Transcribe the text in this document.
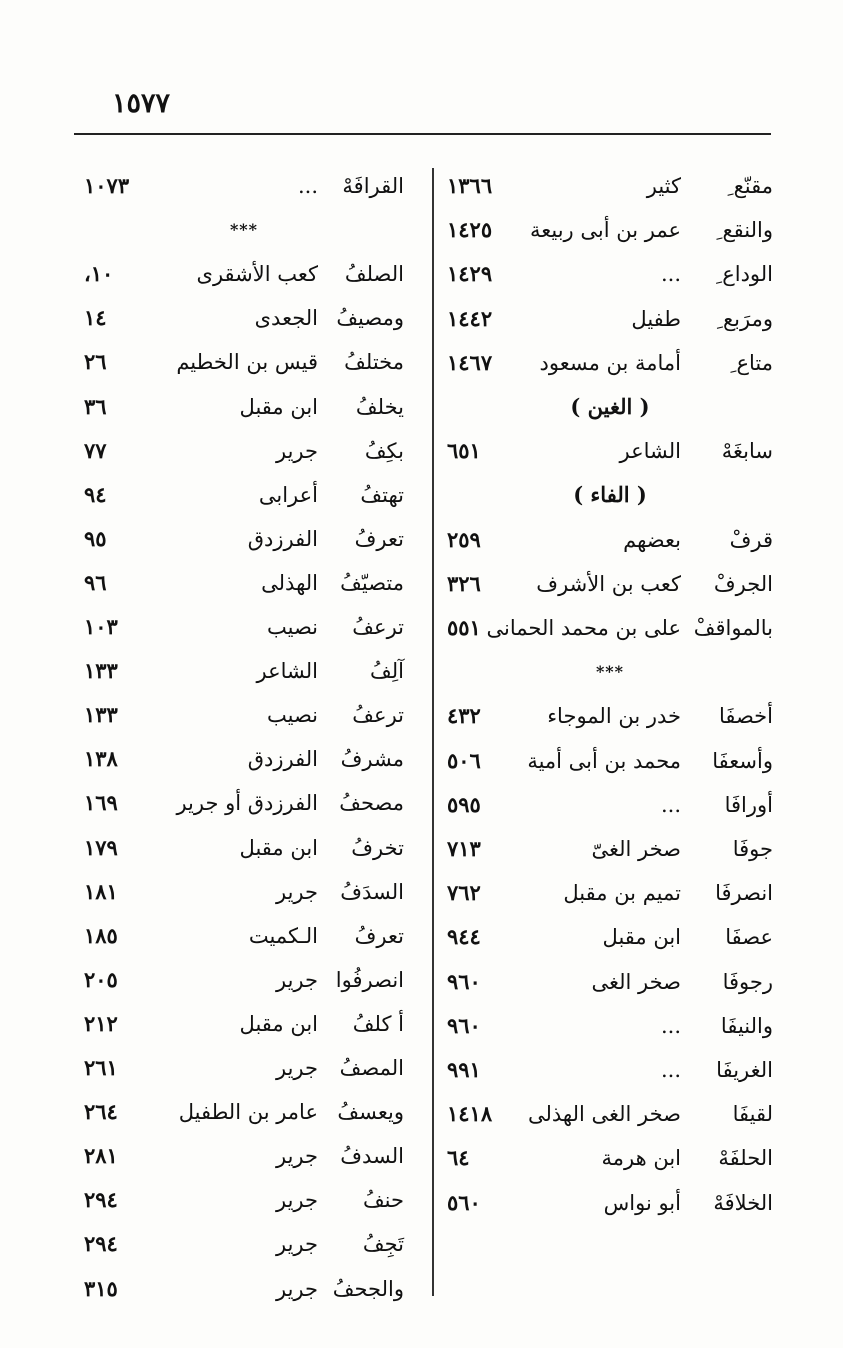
١٥٧٧
مقنّع ِ
كثير
١٣٦٦
والنقع ِ
عمر بن أبى ربيعة
١٤٢٥
الوداع ِ
...
١٤٢٩
ومرَبع ِ
طفيل
١٤٤٢
متاع ِ
أمامة بن مسعود
١٤٦٧
( الغين )
سابغَهْ
الشاعر
٦٥١
( الفاء )
قرفْ
بعضهم
٢٥٩
الجرفْ
كعب بن الأشرف
٣٢٦
بالمواقفْ
على بن محمد الحمانى
٥٥١
***
أخصفَا
خدر بن الموجاء
٤٣٢
وأسعفَا
محمد بن أبى أمية
٥٠٦
أورافَا
...
٥٩٥
جوفَا
صخر الغىّ
٧١٣
انصرفَا
تميم بن مقبل
٧٦٢
عصفَا
ابن مقبل
٩٤٤
رجوفَا
صخر الغى
٩٦٠
والنيفَا
...
٩٦٠
الغريفَا
...
٩٩١
لقيفَا
صخر الغى الهذلى
١٤١٨
الحلفَهْ
ابن هرمة
٦٤
الخلافَهْ
أبو نواس
٥٦٠
القرافَهْ
...
١٠٧٣
***
الصلفُ
كعب الأشقرى
١٠،
ومصيفُ
الجعدى
١٤
مختلفُ
قيس بن الخطيم
٢٦
يخلفُ
ابن مقبل
٣٦
بكِفُ
جرير
٧٧
تهتفُ
أعرابى
٩٤
تعرفُ
الفرزدق
٩٥
متصيّفُ
الهذلى
٩٦
ترعفُ
نصيب
١٠٣
آلِفُ
الشاعر
١٣٣
ترعفُ
نصيب
١٣٣
مشرفُ
الفرزدق
١٣٨
مصحفُ
الفرزدق أو جرير
١٦٩
تخرفُ
ابن مقبل
١٧٩
السدَفُ
جرير
١٨١
تعرفُ
الـكميت
١٨٥
انصرفُوا
جرير
٢٠٥
أ كلفُ
ابن مقبل
٢١٢
المصفُ
جرير
٢٦١
ويعسفُ
عامر بن الطفيل
٢٦٤
السدفُ
جرير
٢٨١
حنفُ
جرير
٢٩٤
تَجِفُ
جرير
٢٩٤
والجحفُ
جرير
٣١٥
